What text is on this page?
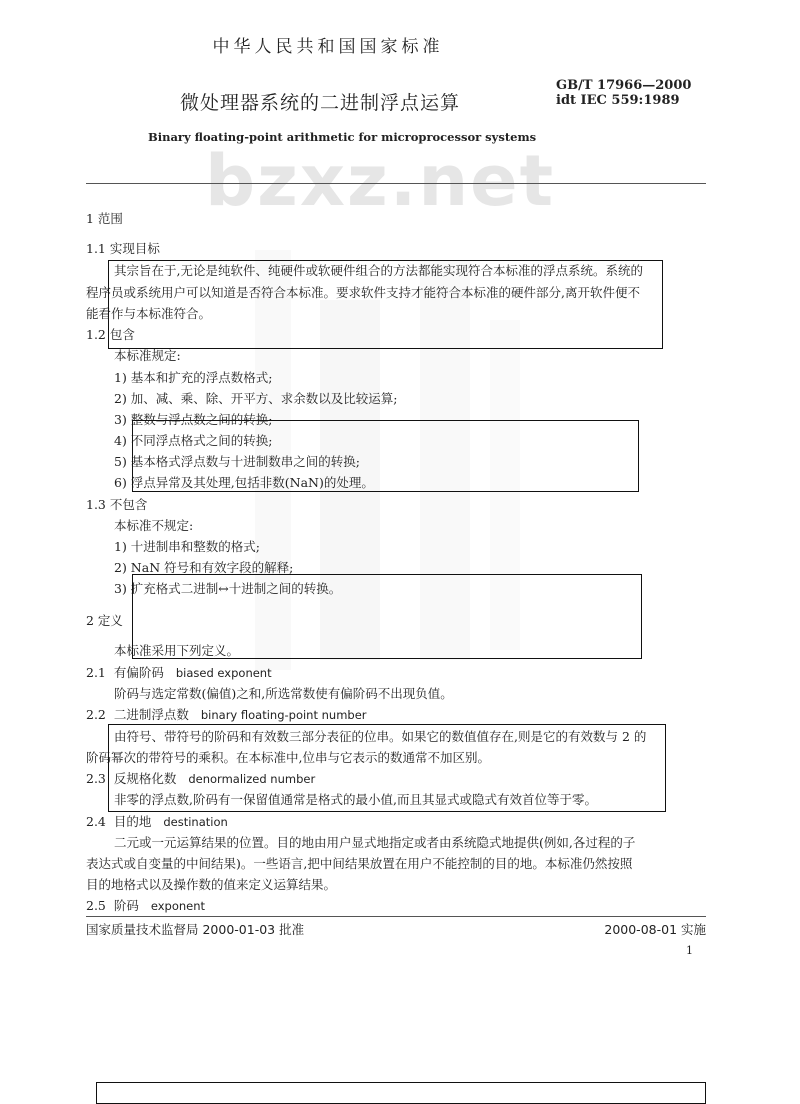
中华人民共和国国家标准
微处理器系统的二进制浮点运算
GB/T 17966—2000
idt IEC 559:1989
Binary floating-point arithmetic for microprocessor systems
bzxz.net
1 范围
1.1 实现目标
其宗旨在于,无论是纯软件、纯硬件或软硬件组合的方法都能实现符合本标准的浮点系统。系统的
程序员或系统用户可以知道是否符合本标准。要求软件支持才能符合本标准的硬件部分,离开软件便不
能看作与本标准符合。
1.2 包含
本标准规定:
1) 基本和扩充的浮点数格式;
2) 加、减、乘、除、开平方、求余数以及比较运算;
3) 整数与浮点数之间的转换;
4) 不同浮点格式之间的转换;
5) 基本格式浮点数与十进制数串之间的转换;
6) 浮点异常及其处理,包括非数(NaN)的处理。
1.3 不包含
本标准不规定:
1) 十进制串和整数的格式;
2) NaN 符号和有效字段的解释;
3) 扩充格式二进制↔十进制之间的转换。
2 定义
本标准采用下列定义。
2.1 有偏阶码 biased exponent
阶码与选定常数(偏值)之和,所选常数使有偏阶码不出现负值。
2.2 二进制浮点数 binary floating-point number
由符号、带符号的阶码和有效数三部分表征的位串。如果它的数值值存在,则是它的有效数与 2 的
阶码幂次的带符号的乘积。在本标准中,位串与它表示的数通常不加区别。
2.3 反规格化数 denormalized number
非零的浮点数,阶码有一保留值通常是格式的最小值,而且其显式或隐式有效首位等于零。
2.4 目的地 destination
二元或一元运算结果的位置。目的地由用户显式地指定或者由系统隐式地提供(例如,各过程的子
表达式或自变量的中间结果)。一些语言,把中间结果放置在用户不能控制的目的地。本标准仍然按照
目的地格式以及操作数的值来定义运算结果。
2.5 阶码 exponent
国家质量技术监督局 2000-01-03 批准	2000-08-01 实施
1
